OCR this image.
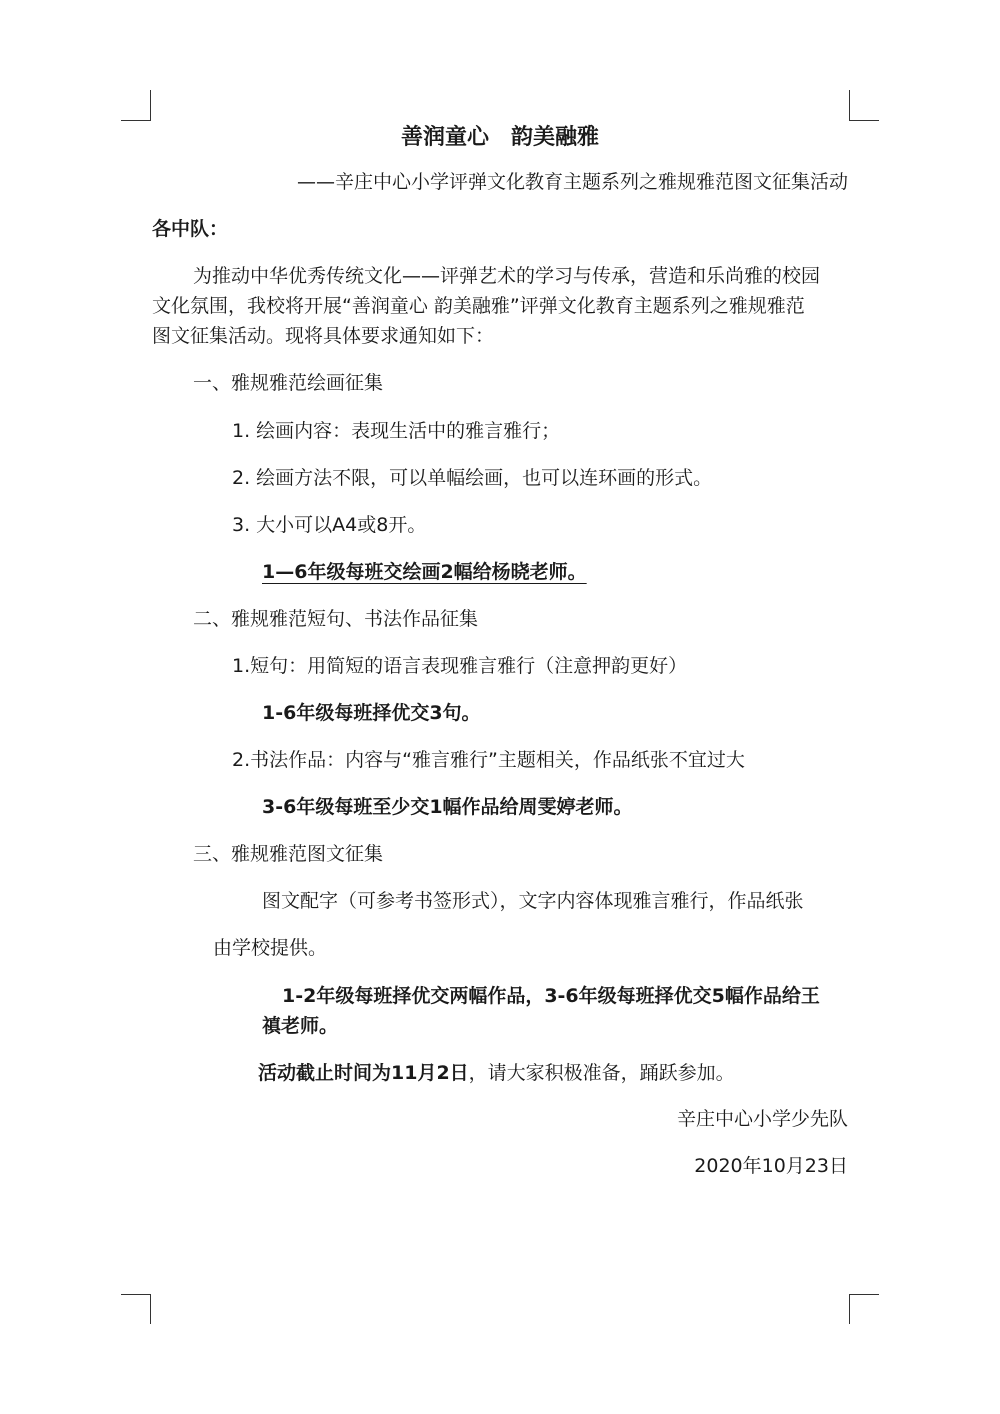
善润童心　韵美融雅
——辛庄中心小学评弹文化教育主题系列之雅规雅范图文征集活动
各中队：
为推动中华优秀传统文化——评弹艺术的学习与传承，营造和乐尚雅的校园
文化氛围，我校将开展“善润童心 韵美融雅”评弹文化教育主题系列之雅规雅范
图文征集活动。现将具体要求通知如下：
一、雅规雅范绘画征集
1. 绘画内容：表现生活中的雅言雅行；
2. 绘画方法不限，可以单幅绘画，也可以连环画的形式。
3. 大小可以A4或8开。
1—6年级每班交绘画2幅给杨晓老师。
二、雅规雅范短句、书法作品征集
1.短句：用简短的语言表现雅言雅行（注意押韵更好）
1-6年级每班择优交3句。
2.书法作品：内容与“雅言雅行”主题相关，作品纸张不宜过大
3-6年级每班至少交1幅作品给周雯婷老师。
三、雅规雅范图文征集
图文配字（可参考书签形式），文字内容体现雅言雅行，作品纸张
由学校提供。
1-2年级每班择优交两幅作品，3-6年级每班择优交5幅作品给王
禛老师。
活动截止时间为11月2日，请大家积极准备，踊跃参加。
辛庄中心小学少先队
2020年10月23日
